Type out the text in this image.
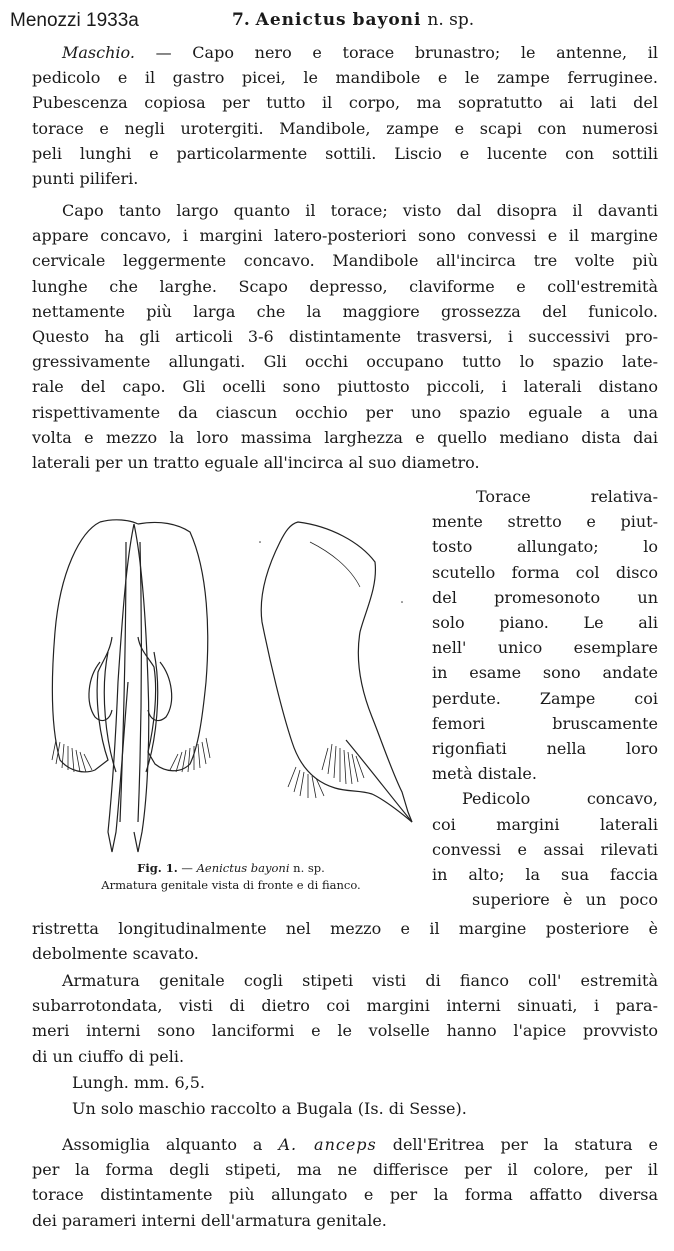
Menozzi 1933a	7. Aenictus bayoni n. sp.
Maschio. — Capo nero e torace brunastro; le antenne, il
pedicolo e il gastro picei, le mandibole e le zampe ferruginee.
Pubescenza copiosa per tutto il corpo, ma sopratutto ai lati del
torace e negli urotergiti. Mandibole, zampe e scapi con numerosi
peli lunghi e particolarmente sottili. Liscio e lucente con sottili
punti piliferi.
Capo tanto largo quanto il torace; visto dal disopra il davanti
appare concavo, i margini latero-posteriori sono convessi e il margine
cervicale leggermente concavo. Mandibole all'incirca tre volte più
lunghe che larghe. Scapo depresso, claviforme e coll'estremità
nettamente più larga che la maggiore grossezza del funicolo.
Questo ha gli articoli 3-6 distintamente trasversi, i successivi pro-
gressivamente allungati. Gli occhi occupano tutto lo spazio late-
rale del capo. Gli ocelli sono piuttosto piccoli, i laterali distano
rispettivamente da ciascun occhio per uno spazio eguale a una
volta e mezzo la loro massima larghezza e quello mediano dista dai
laterali per un tratto eguale all'incirca al suo diametro.
Fig. 1. — Aenictus bayoni n. sp.
Armatura genitale vista di fronte e di fianco.
Torace relativa-
mente stretto e piut-
tosto allungato; lo
scutello forma col disco
del promesonoto un
solo piano. Le ali
nell' unico esemplare
in esame sono andate
perdute. Zampe coi
femori bruscamente
rigonfiati nella loro
metà distale.
Pedicolo concavo,
coi margini laterali
convessi e assai rilevati
in alto; la sua faccia
superiore è un poco
ristretta longitudinalmente nel mezzo e il margine posteriore è
debolmente scavato.
Armatura genitale cogli stipeti visti di fianco coll' estremità
subarrotondata, visti di dietro coi margini interni sinuati, i para-
meri interni sono lanciformi e le volselle hanno l'apice provvisto
di un ciuffo di peli.
Lungh. mm. 6,5.
Un solo maschio raccolto a Bugala (Is. di Sesse).
Assomiglia alquanto a A. anceps dell'Eritrea per la statura e
per la forma degli stipeti, ma ne differisce per il colore, per il
torace distintamente più allungato e per la forma affatto diversa
dei parameri interni dell'armatura genitale.
